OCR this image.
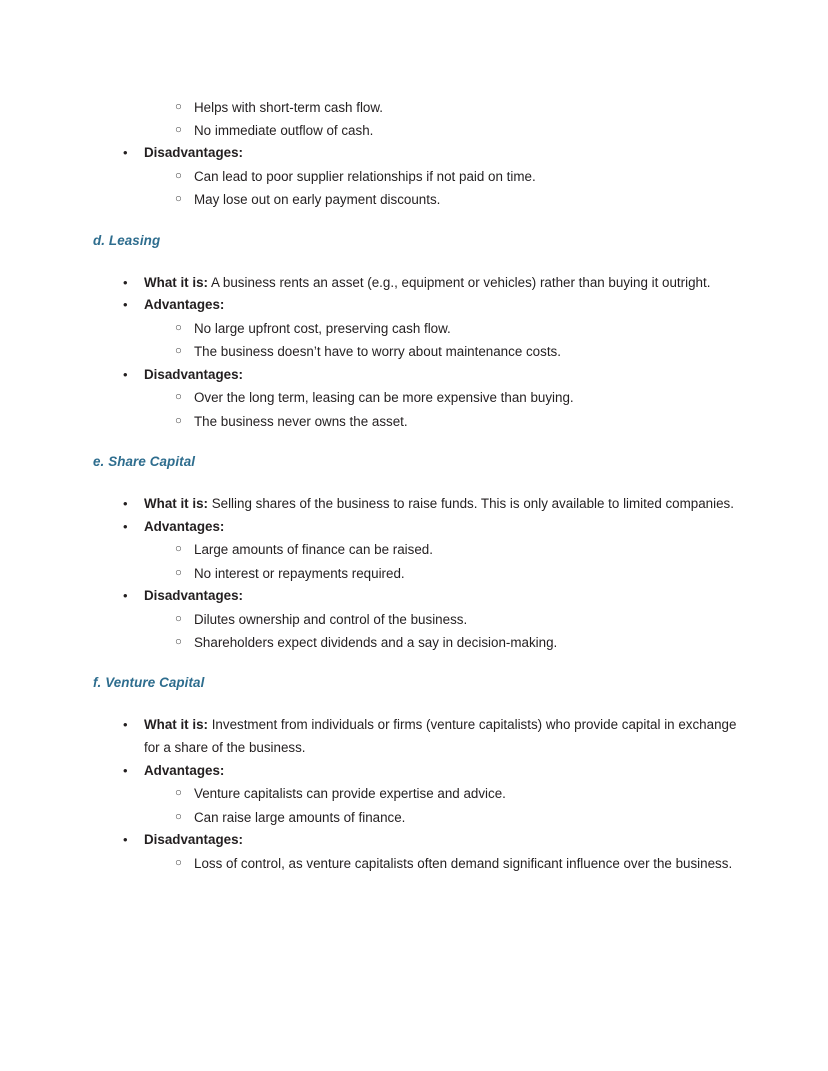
○ Helps with short-term cash flow.
○ No immediate outflow of cash.
•	Disadvantages:
○ Can lead to poor supplier relationships if not paid on time.
○ May lose out on early payment discounts.
d. Leasing
•	What it is: A business rents an asset (e.g., equipment or vehicles) rather than buying it outright.
•	Advantages:
○ No large upfront cost, preserving cash flow.
○ The business doesn’t have to worry about maintenance costs.
•	Disadvantages:
○ Over the long term, leasing can be more expensive than buying.
○ The business never owns the asset.
e. Share Capital
•	What it is: Selling shares of the business to raise funds. This is only available to limited companies.
•	Advantages:
○ Large amounts of finance can be raised.
○ No interest or repayments required.
•	Disadvantages:
○ Dilutes ownership and control of the business.
○ Shareholders expect dividends and a say in decision-making.
f. Venture Capital
•	What it is: Investment from individuals or firms (venture capitalists) who provide capital in exchange for a share of the business.
•	Advantages:
○ Venture capitalists can provide expertise and advice.
○ Can raise large amounts of finance.
•	Disadvantages:
○ Loss of control, as venture capitalists often demand significant influence over the business.
